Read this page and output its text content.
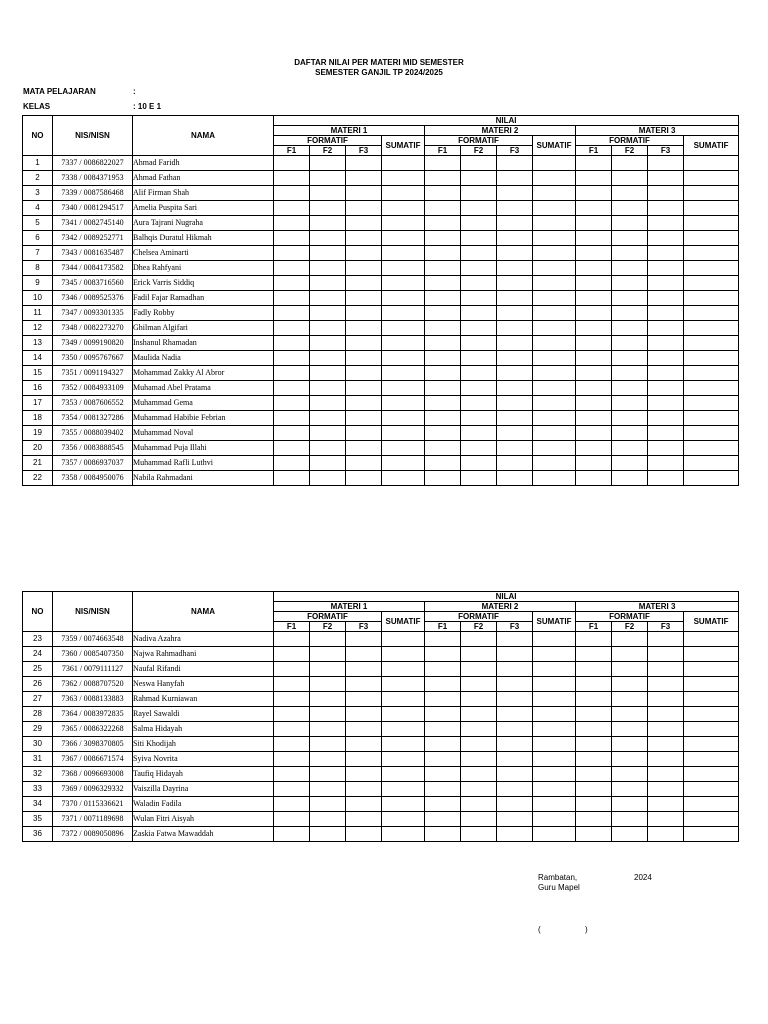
DAFTAR NILAI PER MATERI MID SEMESTER
SEMESTER GANJIL TP 2024/2025
MATA PELAJARAN	:
KELAS	: 10 E 1
NO	NIS/NISN	NAMA	NILAI											
			MATERI 1				MATERI 2				MATERI 3			
			FORMATIF			SUMATIF	FORMATIF			SUMATIF	FORMATIF			SUMATIF
			F1	F2	F3		F1	F2	F3		F1	F2	F3	
1	7337 / 0086822027	Ahmad Faridh												
2	7338 / 0084371953	Ahmad Fathan												
3	7339 / 0087586468	Alif Firman Shah												
4	7340 / 0081294517	Amelia Puspita Sari												
5	7341 / 0082745140	Aura Tajrani Nugraha												
6	7342 / 0089252771	Balhqis Duratul Hikmah												
7	7343 / 0081635487	Chelsea Aminarti												
8	7344 / 0084173582	Dhea Rahfyani												
9	7345 / 0083716560	Erick Varris Siddiq												
10	7346 / 0089525376	Fadil Fajar Ramadhan												
11	7347 / 0093301335	Fadly Robby												
12	7348 / 0082273270	Ghilman Algifari												
13	7349 / 0099190820	Inshanul Rhamadan												
14	7350 / 0095767667	Maulida Nadia												
15	7351 / 0091194327	Mohammad Zakky Al Abror												
16	7352 / 0084933109	Muhamad Abel Pratama												
17	7353 / 0087606552	Muhammad Gema												
18	7354 / 0081327286	Muhammad Habibie Febrian												
19	7355 / 0088039402	Muhammad Noval												
20	7356 / 0083888545	Muhammad Puja Illahi												
21	7357 / 0086937037	Muhammad Rafli Luthvi												
22	7358 / 0084950076	Nabila Rahmadani												
NO	NIS/NISN	NAMA	NILAI											
			MATERI 1				MATERI 2				MATERI 3			
			FORMATIF			SUMATIF	FORMATIF			SUMATIF	FORMATIF			SUMATIF
			F1	F2	F3		F1	F2	F3		F1	F2	F3	
23	7359 / 0074663548	Nadiva Azahra												
24	7360 / 0085407350	Najwa Rahmadhani												
25	7361 / 0079111127	Naufal Rifandi												
26	7362 / 0088707520	Neswa Hanyfah												
27	7363 / 0088133883	Rahmad Kurniawan												
28	7364 / 0083972835	Rayel Sawaldi												
29	7365 / 0086322268	Salma Hidayah												
30	7366 / 3098370805	Siti Khodijah												
31	7367 / 0086671574	Syiva Novrita												
32	7368 / 0096693008	Taufiq Hidayah												
33	7369 / 0096329332	Vaiszilla Dayrina												
34	7370 / 0115336621	Waladin Fadila												
35	7371 / 0071189698	Wulan Fitri Aisyah												
36	7372 / 0089050896	Zaskia Fatwa Mawaddah												
Rambatan,	2024
Guru Mapel
(	)
